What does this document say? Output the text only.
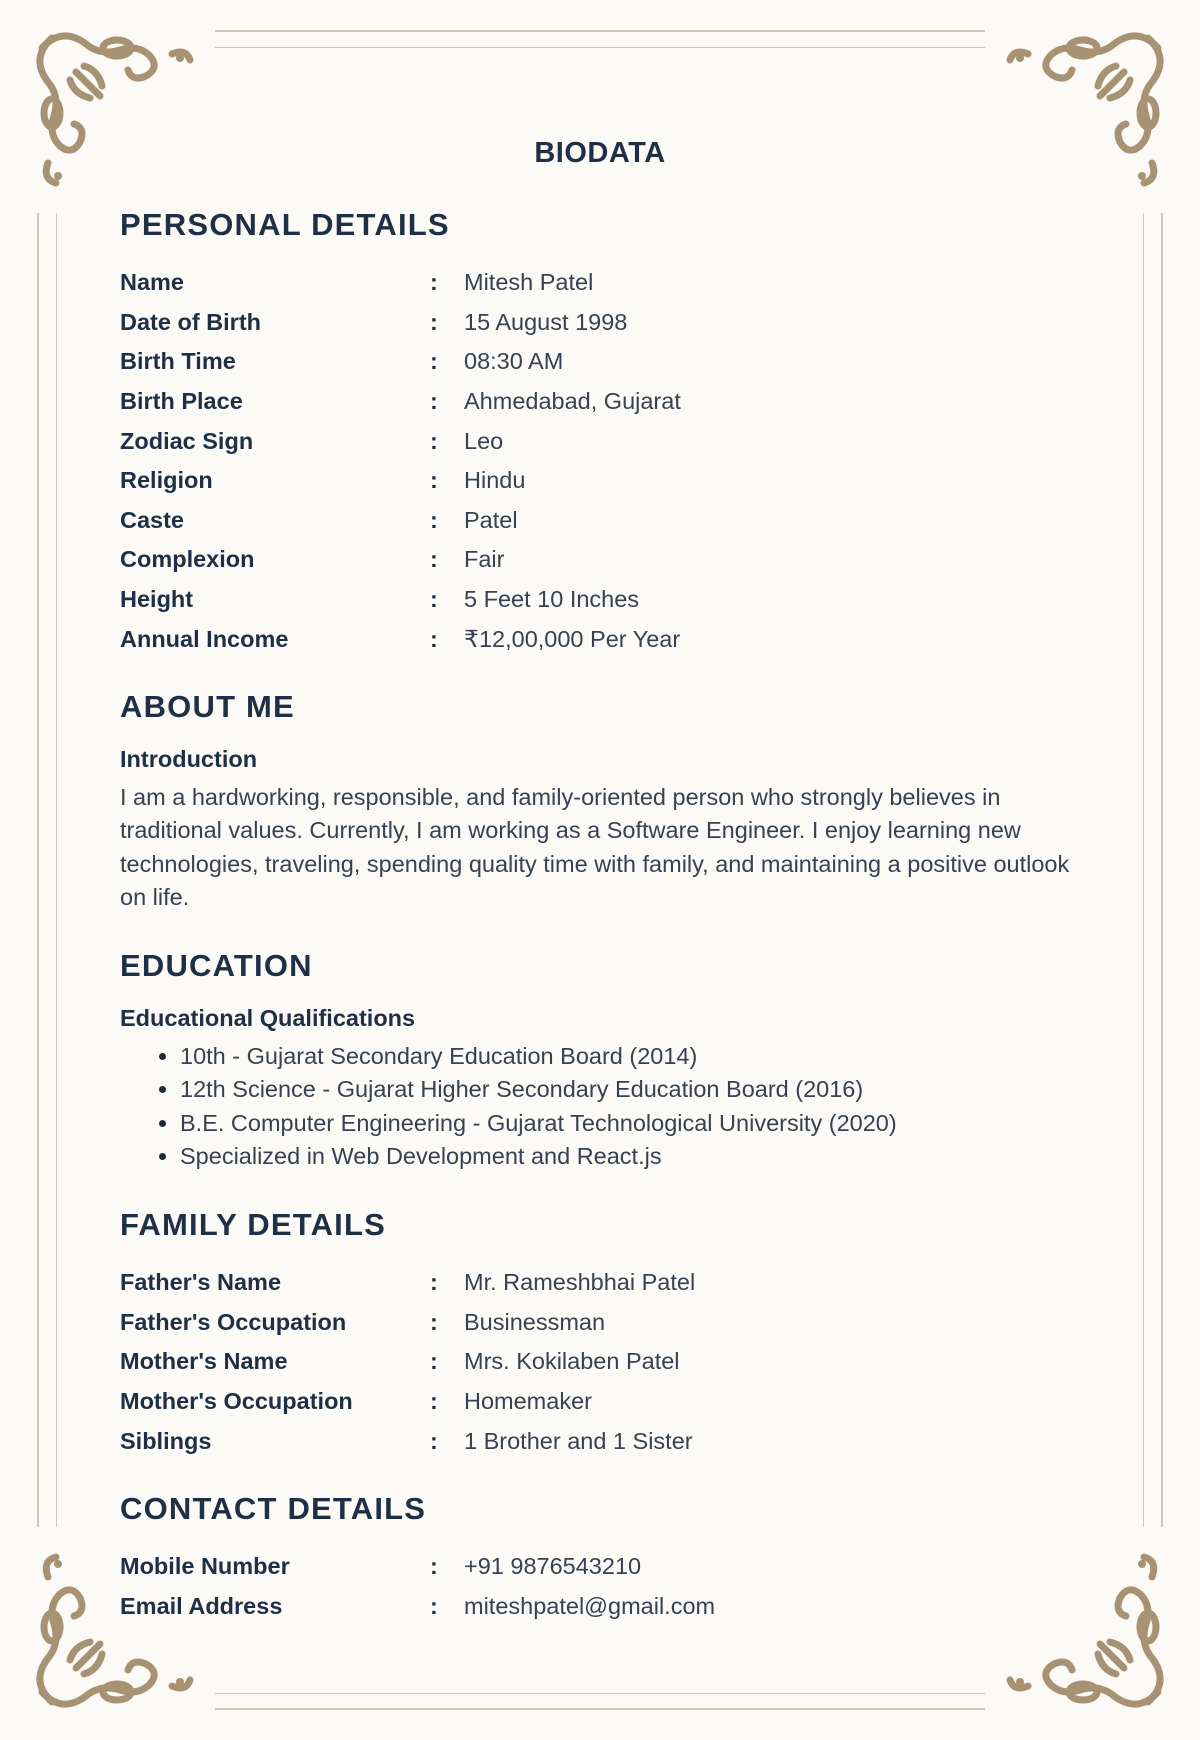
BIODATA
PERSONAL DETAILS
Name	:	Mitesh Patel
Date of Birth	:	15 August 1998
Birth Time	:	08:30 AM
Birth Place	:	Ahmedabad, Gujarat
Zodiac Sign	:	Leo
Religion	:	Hindu
Caste	:	Patel
Complexion	:	Fair
Height	:	5 Feet 10 Inches
Annual Income	:	₹12,00,000 Per Year
ABOUT ME
Introduction
I am a hardworking, responsible, and family-oriented person who strongly believes in traditional values. Currently, I am working as a Software Engineer. I enjoy learning new technologies, traveling, spending quality time with family, and maintaining a positive outlook on life.
EDUCATION
Educational Qualifications
• 10th - Gujarat Secondary Education Board (2014)
• 12th Science - Gujarat Higher Secondary Education Board (2016)
• B.E. Computer Engineering - Gujarat Technological University (2020)
• Specialized in Web Development and React.js
FAMILY DETAILS
Father's Name	:	Mr. Rameshbhai Patel
Father's Occupation	:	Businessman
Mother's Name	:	Mrs. Kokilaben Patel
Mother's Occupation	:	Homemaker
Siblings	:	1 Brother and 1 Sister
CONTACT DETAILS
Mobile Number	:	+91 9876543210
Email Address	:	miteshpatel@gmail.com
